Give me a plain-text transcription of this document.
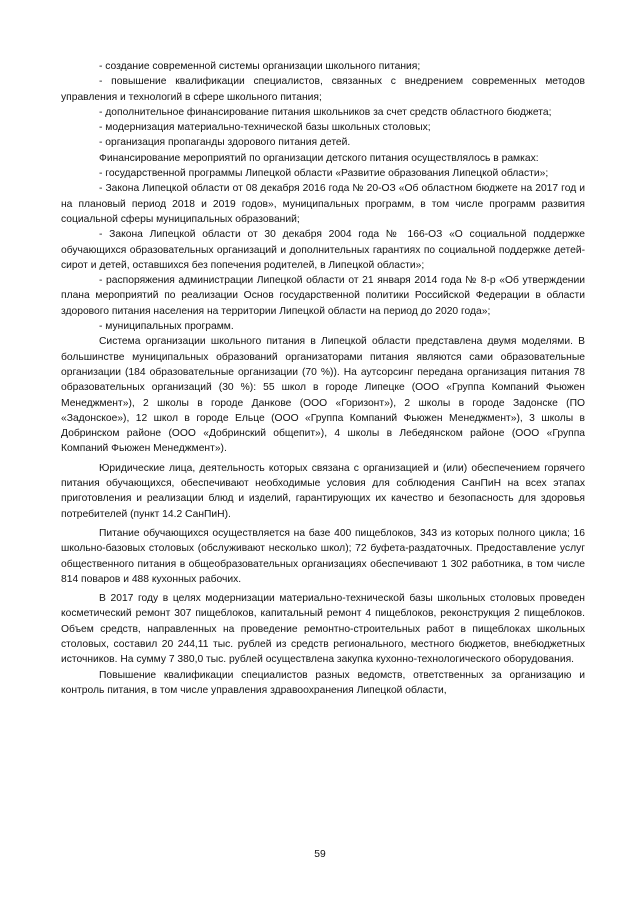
- создание современной системы организации школьного питания;

- повышение квалификации специалистов, связанных с внедрением современных методов управления и технологий в сфере школьного питания;

- дополнительное финансирование питания школьников за счет средств областного бюджета;

- модернизация материально-технической базы школьных столовых;

- организация пропаганды здорового питания детей.

Финансирование мероприятий по организации детского питания осуществлялось в рамках:

- государственной программы Липецкой области «Развитие образования Липецкой области»;

- Закона Липецкой области от 08 декабря 2016 года № 20-ОЗ «Об областном бюджете на 2017 год и на плановый период 2018 и 2019 годов», муниципальных программ, в том числе программ развития социальной сферы муниципальных образований;

- Закона Липецкой области от 30 декабря 2004 года № 166-ОЗ «О социальной поддержке обучающихся образовательных организаций и дополнительных гарантиях по социальной поддержке детей-сирот и детей, оставшихся без попечения родителей, в Липецкой области»;

- распоряжения администрации Липецкой области от 21 января 2014 года № 8-р «Об утверждении плана мероприятий по реализации Основ государственной политики Российской Федерации в области здорового питания населения на территории Липецкой области на период до 2020 года»;

- муниципальных программ.

Система организации школьного питания в Липецкой области представлена двумя моделями. В большинстве муниципальных образований организаторами питания являются сами образовательные организации (184 образовательные организации (70 %)). На аутсорсинг передана организация питания 78 образовательных организаций (30 %): 55 школ в городе Липецке (ООО «Группа Компаний Фьюжен Менеджмент»), 2 школы в городе Данкове (ООО «Горизонт»), 2 школы в городе Задонске (ПО «Задонское»), 12 школ в городе Ельце (ООО «Группа Компаний Фьюжен Менеджмент»), 3 школы в Добринском районе (ООО «Добринский общепит»), 4 школы в Лебедянском районе (ООО «Группа Компаний Фьюжен Менеджмент»).

Юридические лица, деятельность которых связана с организацией и (или) обеспечением горячего питания обучающихся, обеспечивают необходимые условия для соблюдения СанПиН на всех этапах приготовления и реализации блюд и изделий, гарантирующих их качество и безопасность для здоровья потребителей (пункт 14.2 СанПиН).

Питание обучающихся осуществляется на базе 400 пищеблоков, 343 из которых полного цикла; 16 школьно-базовых столовых (обслуживают несколько школ); 72 буфета-раздаточных. Предоставление услуг общественного питания в общеобразовательных организациях обеспечивают 1 302 работника, в том числе 814 поваров и 488 кухонных рабочих.

В 2017 году в целях модернизации материально-технической базы школьных столовых проведен косметический ремонт 307 пищеблоков, капитальный ремонт 4 пищеблоков, реконструкция 2 пищеблоков. Объем средств, направленных на проведение ремонтно-строительных работ в пищеблоках школьных столовых, составил 20 244,11 тыс. рублей из средств регионального, местного бюджетов, внебюджетных источников. На сумму 7 380,0 тыс. рублей осуществлена закупка кухонно-технологического оборудования.

Повышение квалификации специалистов разных ведомств, ответственных за организацию и контроль питания, в том числе управления здравоохранения Липецкой области,

59
